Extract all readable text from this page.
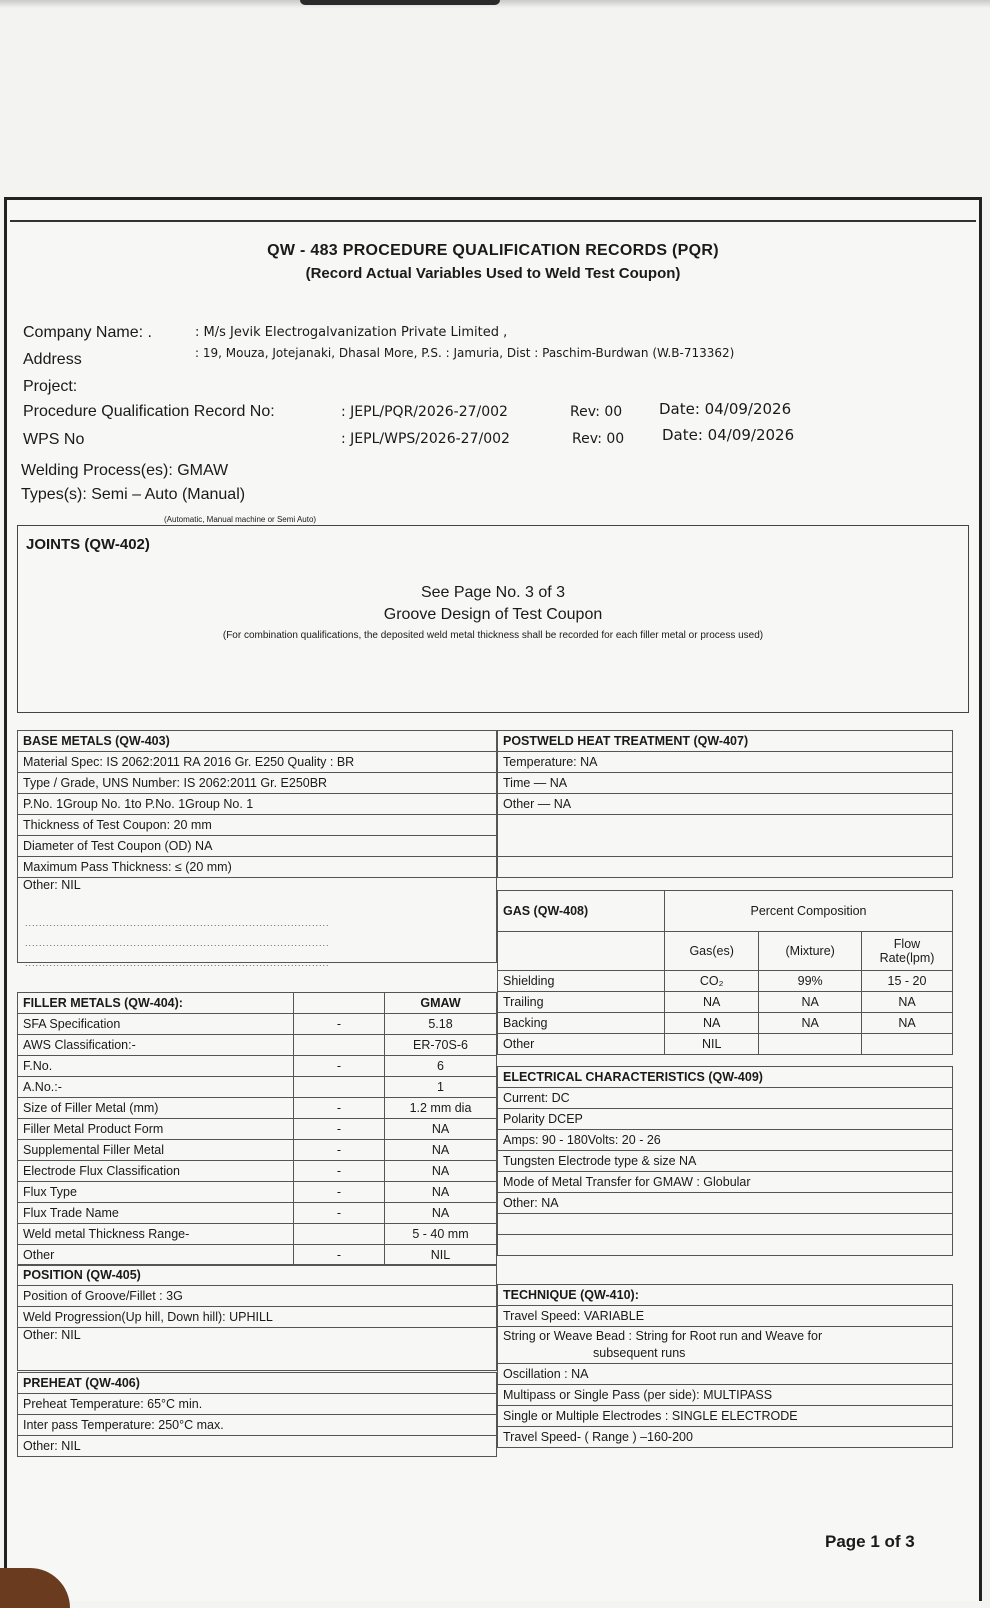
QW - 483 PROCEDURE QUALIFICATION RECORDS (PQR)
(Record Actual Variables Used to Weld Test Coupon)
Company Name: .	: M/s Jevik Electrogalvanization Private Limited ,
Address	: 19, Mouza, Jotejanaki, Dhasal More, P.S. : Jamuria, Dist : Paschim-Burdwan (W.B-713362)
Project:
Procedure Qualification Record No:	: JEPL/PQR/2026-27/002	Rev: 00 Date: 04/09/2026
WPS No	: JEPL/WPS/2026-27/002	Rev: 00	Date: 04/09/2026
Welding Process(es): GMAW
Types(s): Semi – Auto (Manual)
(Automatic, Manual machine or Semi Auto)
JOINTS (QW-402)
See Page No. 3 of 3
Groove Design of Test Coupon
(For combination qualifications, the deposited weld metal thickness shall be recorded for each filler metal or process used)
BASE METALS (QW-403)
Material Spec: IS 2062:2011 RA 2016 Gr. E250 Quality : BR
Type / Grade, UNS Number: IS 2062:2011 Gr. E250BR
P.No. 1Group No. 1to P.No. 1Group No. 1
Thickness of Test Coupon: 20 mm
Diameter of Test Coupon (OD) NA
Maximum Pass Thickness: ≤ (20 mm)
Other: NIL
POSTWELD HEAT TREATMENT (QW-407)
Temperature: NA
Time — NA
Other — NA

GAS (QW-408)	Percent Composition		
	Gas(es)	(Mixture)	Flow Rate(lpm)
Shielding	CO₂	99%	15 - 20
Trailing	NA	NA	NA
Backing	NA	NA	NA
Other	NIL		
FILLER METALS (QW-404):		GMAW
SFA Specification	-	5.18
AWS Classification:-		ER-70S-6
F.No.	-	6
A.No.:-		1
Size of Filler Metal (mm)	-	1.2 mm dia
Filler Metal Product Form	-	NA
Supplemental Filler Metal	-	NA
Electrode Flux Classification	-	NA
Flux Type	-	NA
Flux Trade Name	-	NA
Weld metal Thickness Range-		5 - 40 mm
Other	-	NIL
ELECTRICAL CHARACTERISTICS (QW-409)
Current: DC
Polarity DCEP
Amps: 90 - 180Volts: 20 - 26
Tungsten Electrode type & size NA
Mode of Metal Transfer for GMAW : Globular
Other: NA

POSITION (QW-405)
Position of Groove/Fillet : 3G
Weld Progression(Up hill, Down hill): UPHILL
Other: NIL
PREHEAT (QW-406)
Preheat Temperature: 65°C min.
Inter pass Temperature: 250°C max.
Other: NIL
TECHNIQUE (QW-410):
Travel Speed: VARIABLE
String or Weave Bead : String for Root run and Weave for
subsequent runs
Oscillation : NA
Multipass or Single Pass (per side): MULTIPASS
Single or Multiple Electrodes : SINGLE ELECTRODE
Travel Speed- ( Range ) –160-200
.......................................................................................
.......................................................................................
.......................................................................................
Page 1 of 3
